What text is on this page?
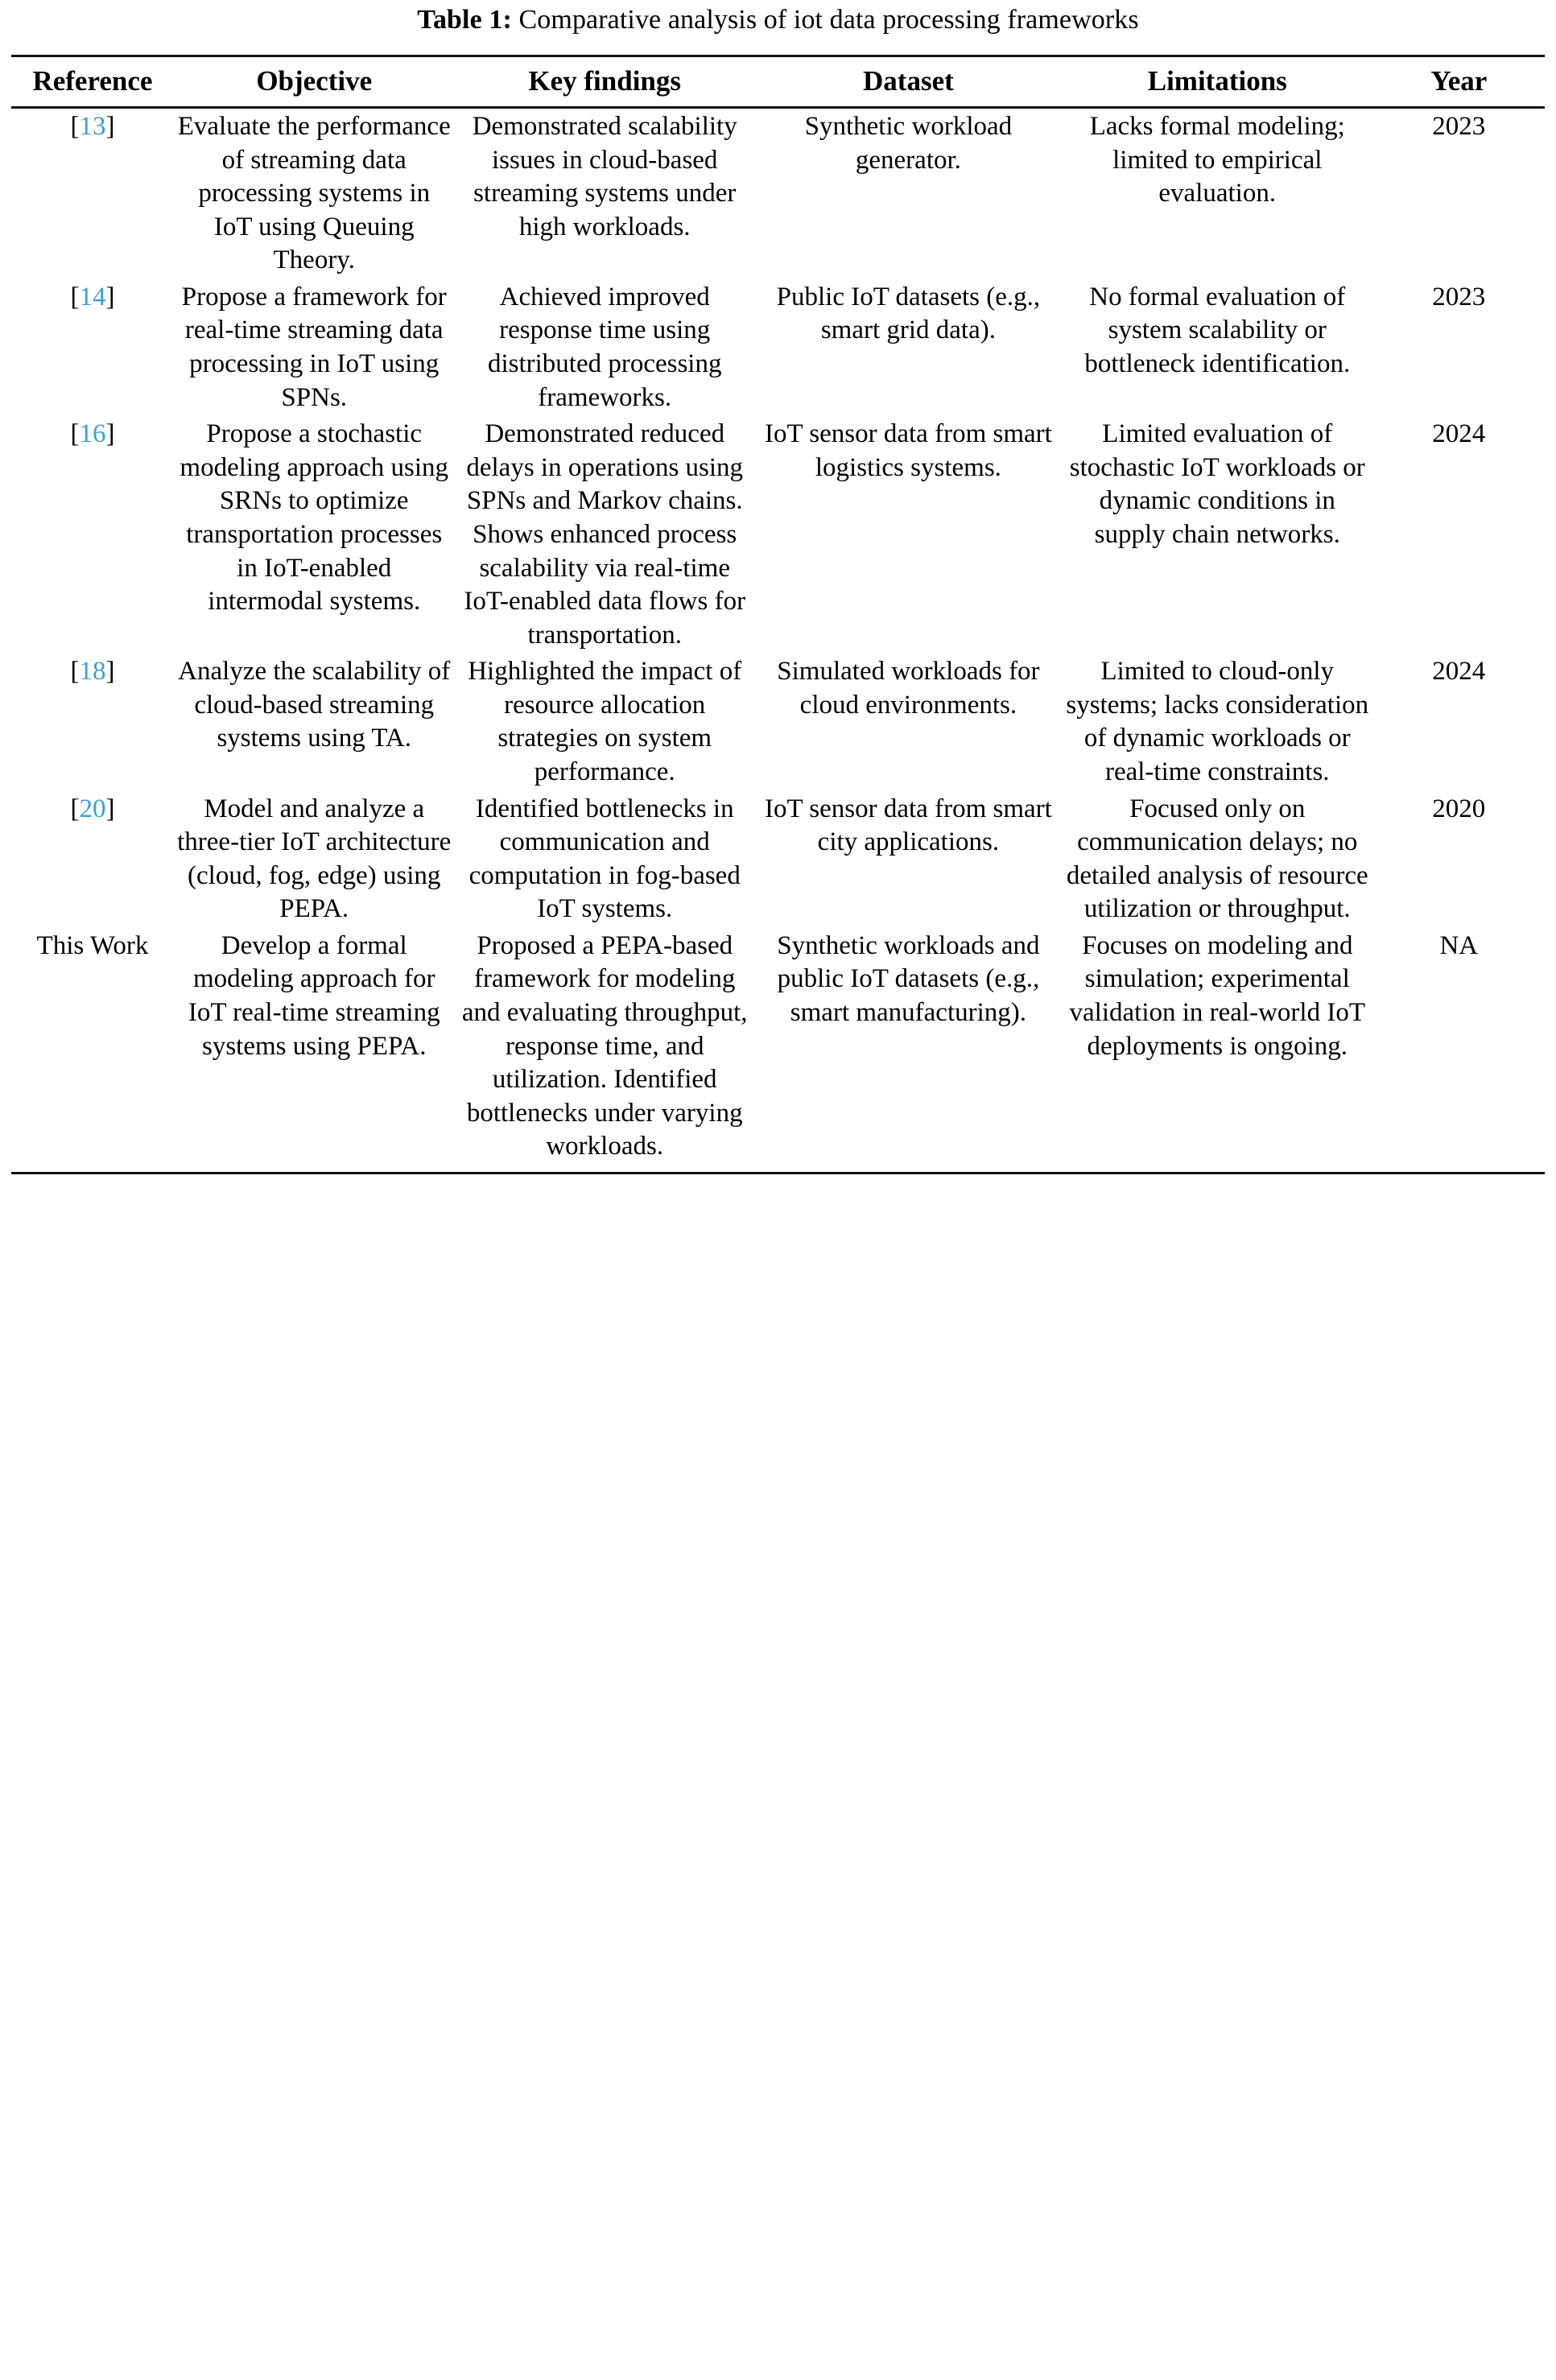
Table 1: Comparative analysis of iot data processing frameworks
Reference	Objective	Key findings	Dataset	Limitations	Year
[13]	Evaluate the performance of streaming data processing systems in IoT using Queuing Theory.	Demonstrated scalability issues in cloud-based streaming systems under high workloads.	Synthetic workload generator.	Lacks formal modeling; limited to empirical evaluation.	2023
[14]	Propose a framework for real-time streaming data processing in IoT using SPNs.	Achieved improved response time using distributed processing frameworks.	Public IoT datasets (e.g., smart grid data).	No formal evaluation of system scalability or bottleneck identification.	2023
[16]	Propose a stochastic modeling approach using SRNs to optimize transportation processes in IoT-enabled intermodal systems.	Demonstrated reduced delays in operations using SPNs and Markov chains. Shows enhanced process scalability via real-time IoT-enabled data flows for transportation.	IoT sensor data from smart logistics systems.	Limited evaluation of stochastic IoT workloads or dynamic conditions in supply chain networks.	2024
[18]	Analyze the scalability of cloud-based streaming systems using TA.	Highlighted the impact of resource allocation strategies on system performance.	Simulated workloads for cloud environments.	Limited to cloud-only systems; lacks consideration of dynamic workloads or real-time constraints.	2024
[20]	Model and analyze a three-tier IoT architecture (cloud, fog, edge) using PEPA.	Identified bottlenecks in communication and computation in fog-based IoT systems.	IoT sensor data from smart city applications.	Focused only on communication delays; no detailed analysis of resource utilization or throughput.	2020
This Work	Develop a formal modeling approach for IoT real-time streaming systems using PEPA.	Proposed a PEPA-based framework for modeling and evaluating throughput, response time, and utilization. Identified bottlenecks under varying workloads.	Synthetic workloads and public IoT datasets (e.g., smart manufacturing).	Focuses on modeling and simulation; experimental validation in real-world IoT deployments is ongoing.	NA
